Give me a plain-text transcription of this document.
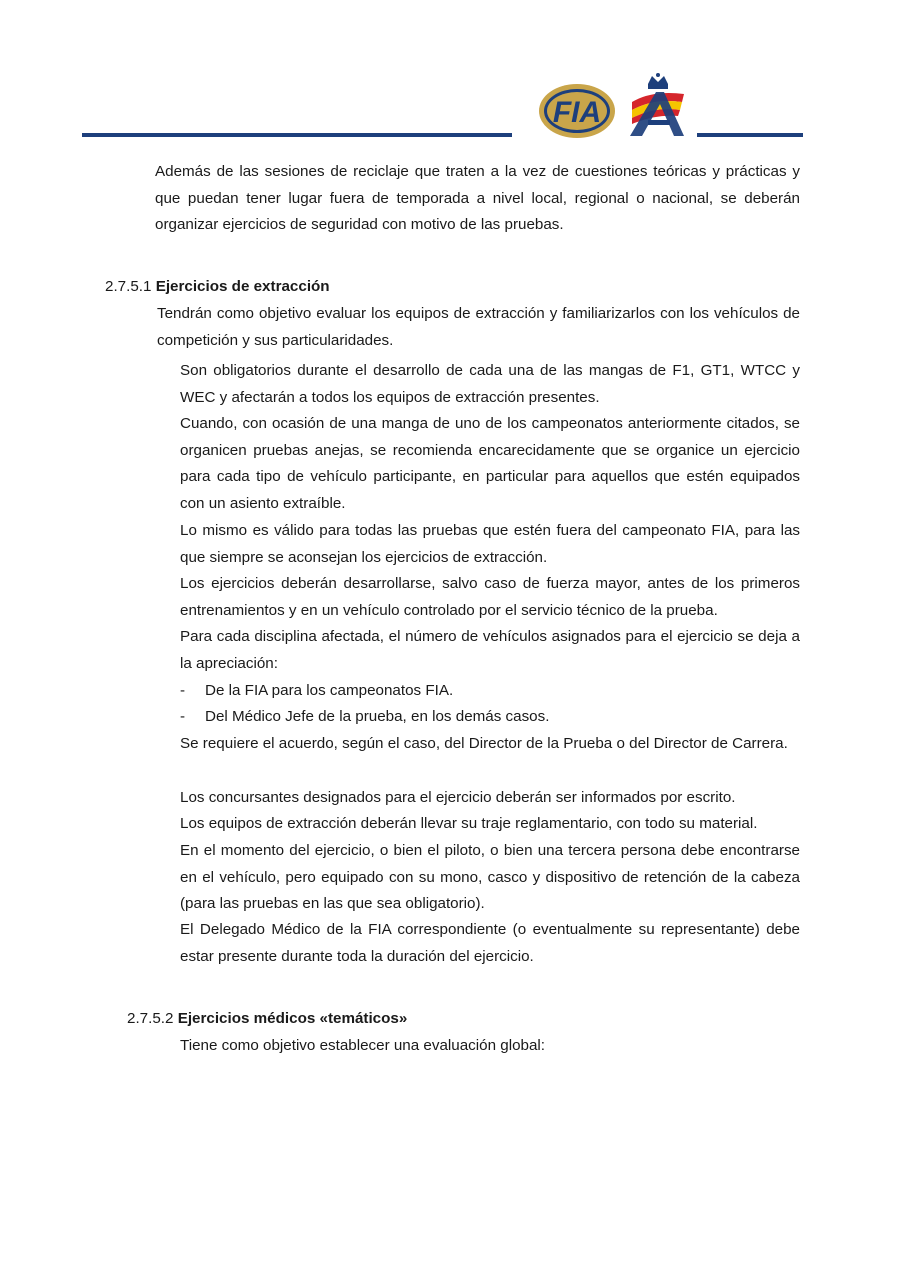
FIA

Además de las sesiones de reciclaje que traten a la vez de cuestiones teóricas y prácticas y que puedan tener lugar fuera de temporada a nivel local, regional o nacional, se deberán organizar ejercicios de seguridad con motivo de las pruebas.

2.7.5.1 Ejercicios de extracción

Tendrán como objetivo evaluar los equipos de extracción y familiarizarlos con los vehículos de competición y sus particularidades.

Son obligatorios durante el desarrollo de cada una de las mangas de F1, GT1, WTCC y WEC y afectarán a todos los equipos de extracción presentes.

Cuando, con ocasión de una manga de uno de los campeonatos anteriormente citados, se organicen pruebas anejas, se recomienda encarecidamente que se organice un ejercicio para cada tipo de vehículo participante, en particular para aquellos que estén equipados con un asiento extraíble.

Lo mismo es válido para todas las pruebas que estén fuera del campeonato FIA, para las que siempre se aconsejan los ejercicios de extracción.

Los ejercicios deberán desarrollarse, salvo caso de fuerza mayor, antes de los primeros entrenamientos y en un vehículo controlado por el servicio técnico de la prueba.

Para cada disciplina afectada, el número de vehículos asignados para el ejercicio se deja a la apreciación:

- De la FIA para los campeonatos FIA.

- Del Médico Jefe de la prueba, en los demás casos.

Se requiere el acuerdo, según el caso, del Director de la Prueba o del Director de Carrera.

Los concursantes designados para el ejercicio deberán ser informados por escrito.

Los equipos de extracción deberán llevar su traje reglamentario, con todo su material.

En el momento del ejercicio, o bien el piloto, o bien una tercera persona debe encontrarse en el vehículo, pero equipado con su mono, casco y dispositivo de retención de la cabeza (para las pruebas en las que sea obligatorio).

El Delegado Médico de la FIA correspondiente (o eventualmente su representante) debe estar presente durante toda la duración del ejercicio.

2.7.5.2 Ejercicios médicos «temáticos»

Tiene como objetivo establecer una evaluación global:
